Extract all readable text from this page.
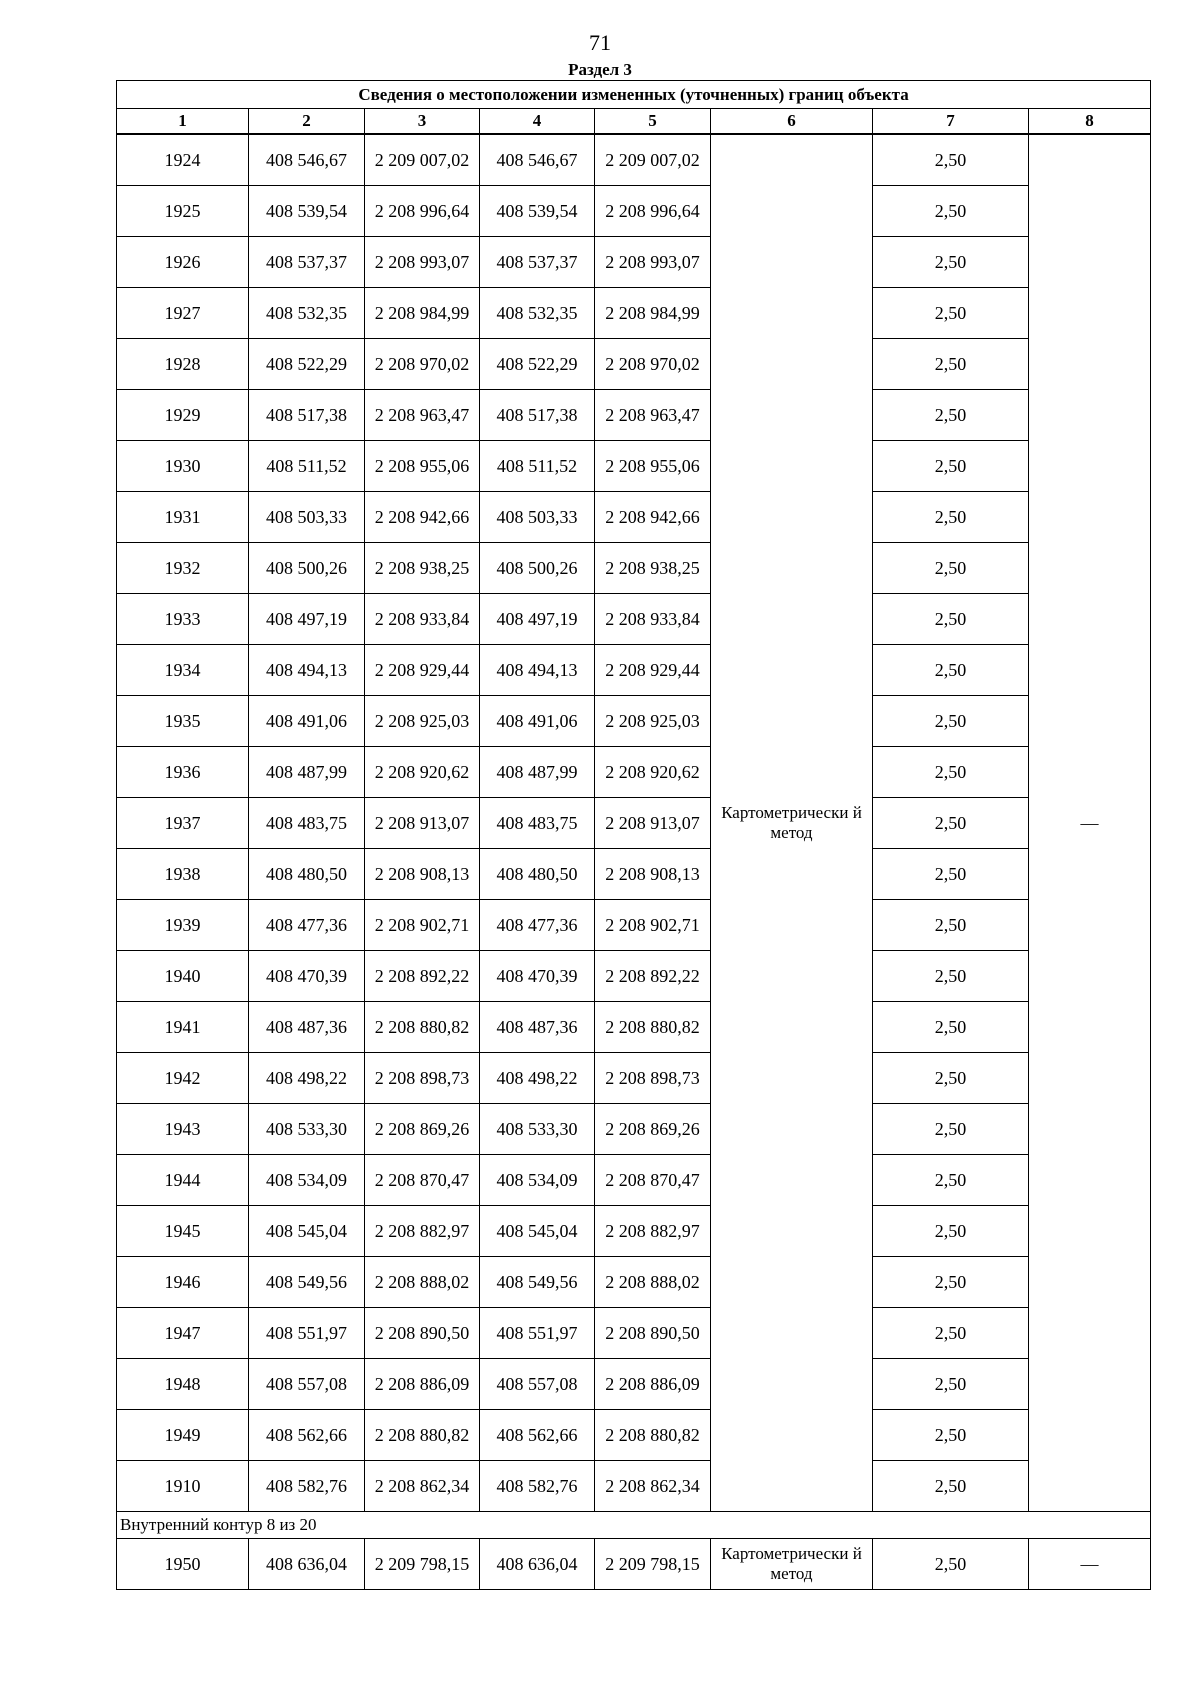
71
Раздел 3
Сведения о местоположении измененных (уточненных) границ объекта							
1	2	3	4	5	6	7	8
1924	408 546,67	2 209 007,02	408 546,67	2 209 007,02	Картометрически й метод	2,50	—
1925	408 539,54	2 208 996,64	408 539,54	2 208 996,64		2,50	
1926	408 537,37	2 208 993,07	408 537,37	2 208 993,07		2,50	
1927	408 532,35	2 208 984,99	408 532,35	2 208 984,99		2,50	
1928	408 522,29	2 208 970,02	408 522,29	2 208 970,02		2,50	
1929	408 517,38	2 208 963,47	408 517,38	2 208 963,47		2,50	
1930	408 511,52	2 208 955,06	408 511,52	2 208 955,06		2,50	
1931	408 503,33	2 208 942,66	408 503,33	2 208 942,66		2,50	
1932	408 500,26	2 208 938,25	408 500,26	2 208 938,25		2,50	
1933	408 497,19	2 208 933,84	408 497,19	2 208 933,84		2,50	
1934	408 494,13	2 208 929,44	408 494,13	2 208 929,44		2,50	
1935	408 491,06	2 208 925,03	408 491,06	2 208 925,03		2,50	
1936	408 487,99	2 208 920,62	408 487,99	2 208 920,62		2,50	
1937	408 483,75	2 208 913,07	408 483,75	2 208 913,07		2,50	
1938	408 480,50	2 208 908,13	408 480,50	2 208 908,13		2,50	
1939	408 477,36	2 208 902,71	408 477,36	2 208 902,71		2,50	
1940	408 470,39	2 208 892,22	408 470,39	2 208 892,22		2,50	
1941	408 487,36	2 208 880,82	408 487,36	2 208 880,82		2,50	
1942	408 498,22	2 208 898,73	408 498,22	2 208 898,73		2,50	
1943	408 533,30	2 208 869,26	408 533,30	2 208 869,26		2,50	
1944	408 534,09	2 208 870,47	408 534,09	2 208 870,47		2,50	
1945	408 545,04	2 208 882,97	408 545,04	2 208 882,97		2,50	
1946	408 549,56	2 208 888,02	408 549,56	2 208 888,02		2,50	
1947	408 551,97	2 208 890,50	408 551,97	2 208 890,50		2,50	
1948	408 557,08	2 208 886,09	408 557,08	2 208 886,09		2,50	
1949	408 562,66	2 208 880,82	408 562,66	2 208 880,82		2,50	
1910	408 582,76	2 208 862,34	408 582,76	2 208 862,34		2,50	
Внутренний контур 8 из 20							
1950	408 636,04	2 209 798,15	408 636,04	2 209 798,15	Картометрически й метод	2,50	—
